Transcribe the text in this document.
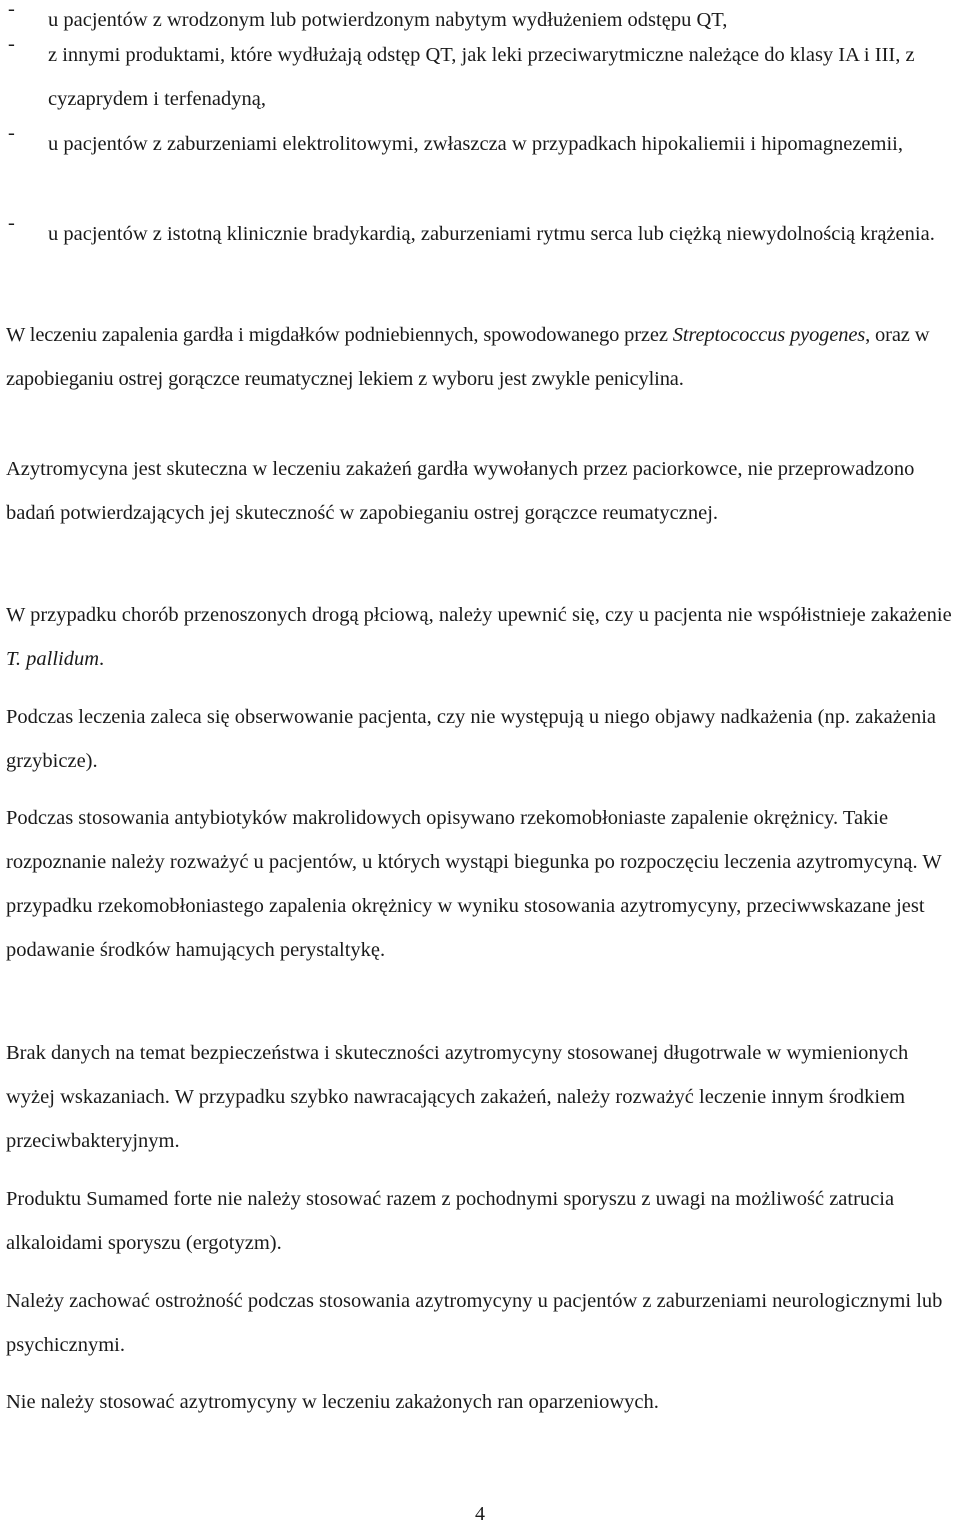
- u pacjentów z wrodzonym lub potwierdzonym nabytym wydłużeniem odstępu QT,
- z innymi produktami, które wydłużają odstęp QT, jak leki przeciwarytmiczne należące do klasy IA i III, z cyzaprydem i terfenadyną,
- u pacjentów z zaburzeniami elektrolitowymi, zwłaszcza w przypadkach hipokaliemii i hipomagnezemii,
- u pacjentów z istotną klinicznie bradykardią, zaburzeniami rytmu serca lub ciężką niewydolnością krążenia.

W leczeniu zapalenia gardła i migdałków podniebiennych, spowodowanego przez Streptococcus pyogenes, oraz w zapobieganiu ostrej gorączce reumatycznej lekiem z wyboru jest zwykle penicylina.

Azytromycyna jest skuteczna w leczeniu zakażeń gardła wywołanych przez paciorkowce, nie przeprowadzono badań potwierdzających jej skuteczność w zapobieganiu ostrej gorączce reumatycznej.

W przypadku chorób przenoszonych drogą płciową, należy upewnić się, czy u pacjenta nie współistnieje zakażenie T. pallidum.

Podczas leczenia zaleca się obserwowanie pacjenta, czy nie występują u niego objawy nadkażenia (np. zakażenia grzybicze).

Podczas stosowania antybiotyków makrolidowych opisywano rzekomobłoniaste zapalenie okrężnicy. Takie rozpoznanie należy rozważyć u pacjentów, u których wystąpi biegunka po rozpoczęciu leczenia azytromycyną. W przypadku rzekomobłoniastego zapalenia okrężnicy w wyniku stosowania azytromycyny, przeciwwskazane jest podawanie środków hamujących perystaltykę.

Brak danych na temat bezpieczeństwa i skuteczności azytromycyny stosowanej długotrwale w wymienionych wyżej wskazaniach. W przypadku szybko nawracających zakażeń, należy rozważyć leczenie innym środkiem przeciwbakteryjnym.

Produktu Sumamed forte nie należy stosować razem z pochodnymi sporyszu z uwagi na możliwość zatrucia alkaloidami sporyszu (ergotyzm).

Należy zachować ostrożność podczas stosowania azytromycyny u pacjentów z zaburzeniami neurologicznymi lub psychicznymi.

Nie należy stosować azytromycyny w leczeniu zakażonych ran oparzeniowych.

4
